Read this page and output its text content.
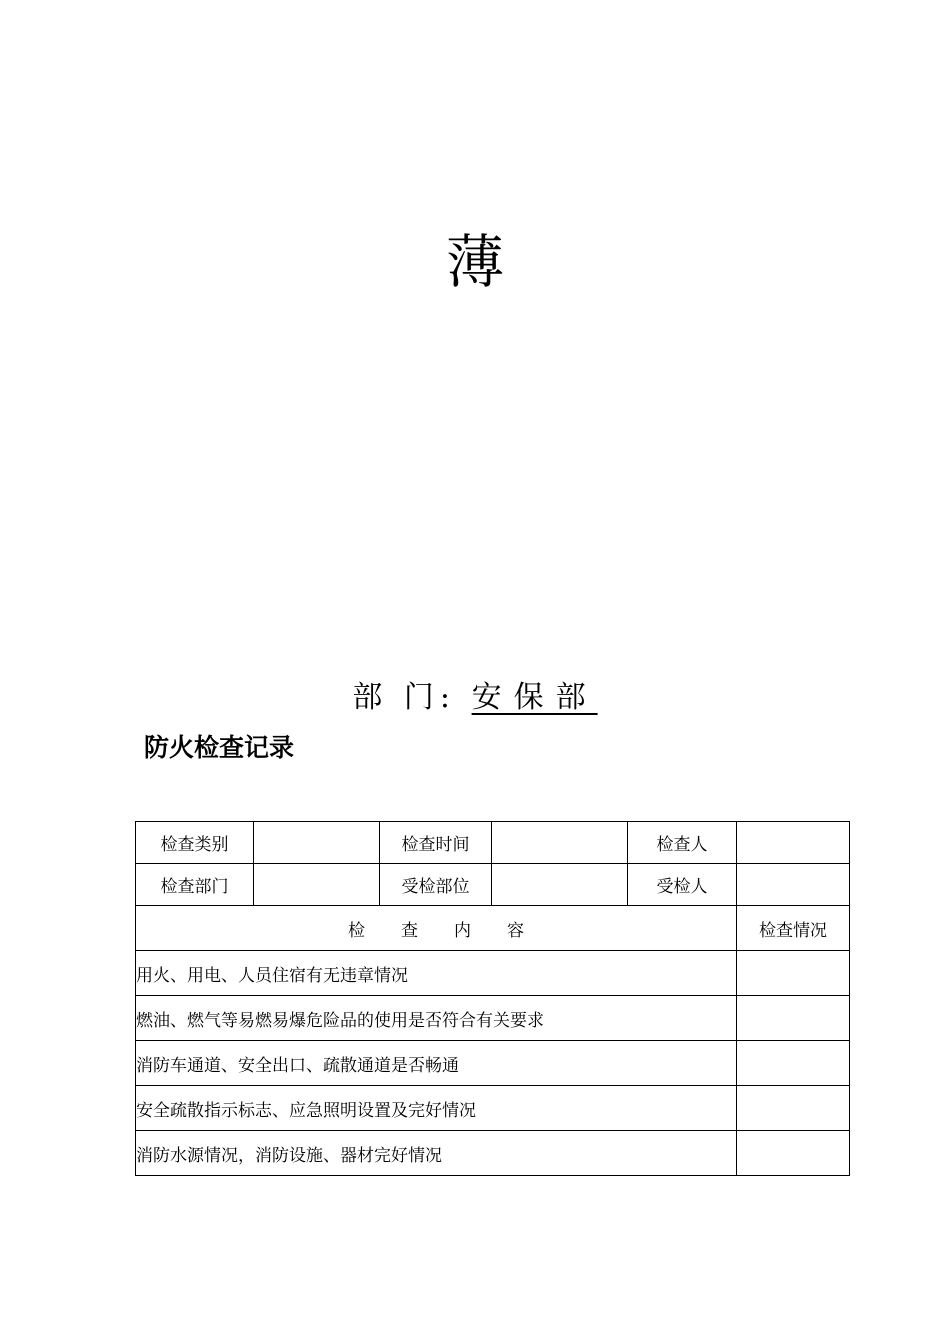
薄
部 门: 安保部
防火检查记录
检查类别		检查时间		检查人	
检查部门		受检部位		受检人	
检查内容					检查情况
用火、用电、人员住宿有无违章情况					
燃油、燃气等易燃易爆危险品的使用是否符合有关要求					
消防车通道、安全出口、疏散通道是否畅通					
安全疏散指示标志、应急照明设置及完好情况					
消防水源情况，消防设施、器材完好情况					
